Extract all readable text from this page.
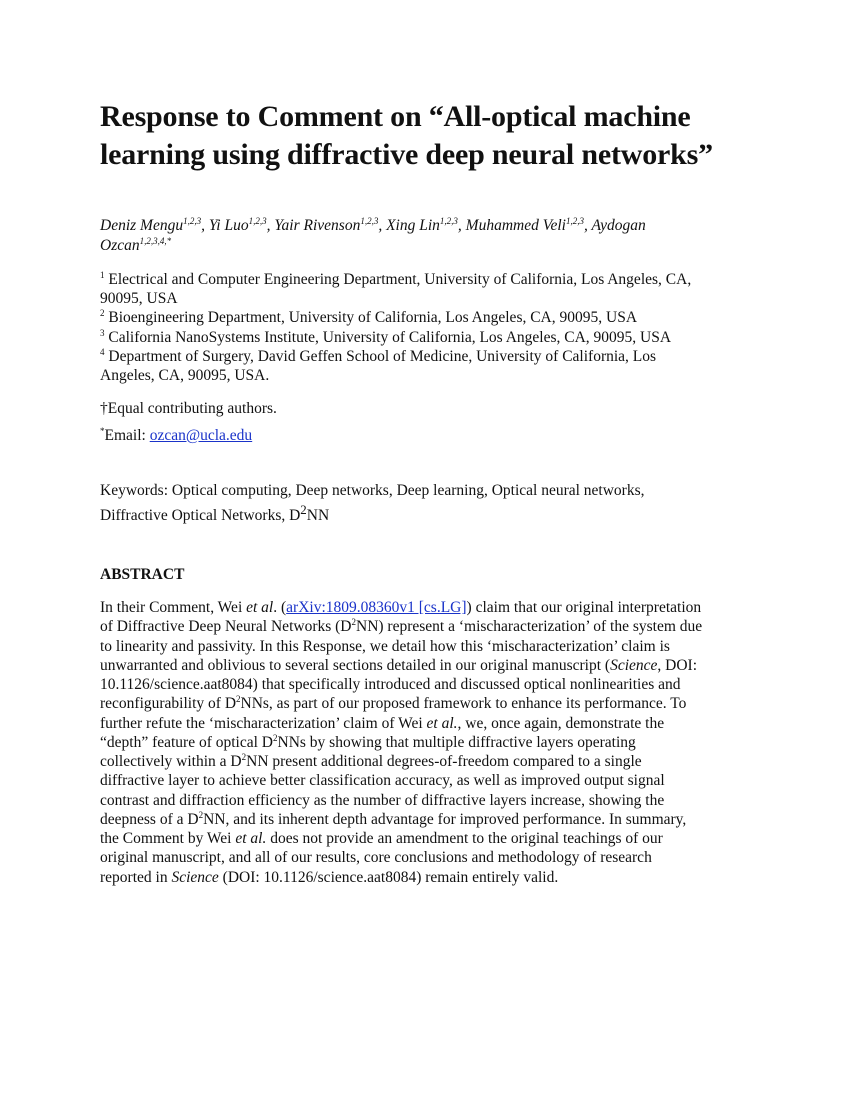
Response to Comment on “All-optical machine
learning using diffractive deep neural networks”
Deniz Mengu$^{1,2,3}$, Yi Luo$^{1,2,3}$, Yair Rivenson$^{1,2,3}$, Xing Lin$^{1,2,3}$, Muhammed Veli$^{1,2,3}$, Aydogan
Ozcan$^{1,2,3,4,*}$
$^1$ Electrical and Computer Engineering Department, University of California, Los Angeles, CA,
90095, USA
$^2$ Bioengineering Department, University of California, Los Angeles, CA, 90095, USA
$^3$ California NanoSystems Institute, University of California, Los Angeles, CA, 90095, USA
$^4$ Department of Surgery, David Geffen School of Medicine, University of California, Los
Angeles, CA, 90095, USA.
†Equal contributing authors.
*Email: ozcan@ucla.edu
Keywords: Optical computing, Deep networks, Deep learning, Optical neural networks,
Diffractive Optical Networks, $D^2NN$
ABSTRACT
In their Comment, Wei et al. (arXiv:1809.08360v1 [cs.LG]) claim that our original interpretation
of Diffractive Deep Neural Networks $(D^2NN)$ represent a ‘mischaracterization’ of the system due
to linearity and passivity. In this Response, we detail how this ‘mischaracterization’ claim is
unwarranted and oblivious to several sections detailed in our original manuscript (Science, DOI:
10.1126/science.aat8084) that specifically introduced and discussed optical nonlinearities and
reconfigurability of $D^2NNs$, as part of our proposed framework to enhance its performance. To
further refute the ‘mischaracterization’ claim of Wei et al., we, once again, demonstrate the
“depth” feature of optical $D^2NNs$ by showing that multiple diffractive layers operating
collectively within a $D^2NN$ present additional degrees-of-freedom compared to a single
diffractive layer to achieve better classification accuracy, as well as improved output signal
contrast and diffraction efficiency as the number of diffractive layers increase, showing the
deepness of a $D^2NN$, and its inherent depth advantage for improved performance. In summary,
the Comment by Wei et al. does not provide an amendment to the original teachings of our
original manuscript, and all of our results, core conclusions and methodology of research
reported in Science (DOI: 10.1126/science.aat8084) remain entirely valid.
